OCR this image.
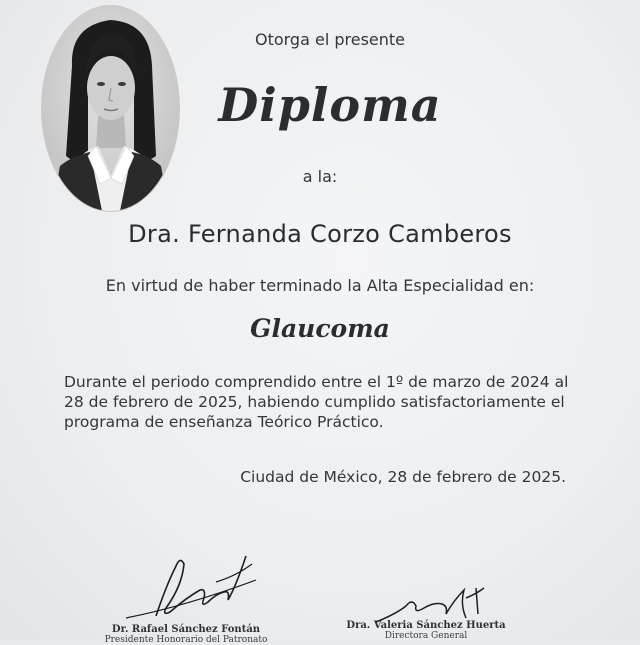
Otorga el presente
Diploma
a la:
Dra. Fernanda Corzo Camberos
En virtud de haber terminado la Alta Especialidad en:
Glaucoma
Durante el periodo comprendido entre el 1º de marzo de 2024 al
28 de febrero de 2025, habiendo cumplido satisfactoriamente el
programa de enseñanza Teórico Práctico.
Ciudad de México, 28 de febrero de 2025.
Dr. Rafael Sánchez Fontán
Presidente Honorario del Patronato
Dra. Valeria Sánchez Huerta
Directora General
